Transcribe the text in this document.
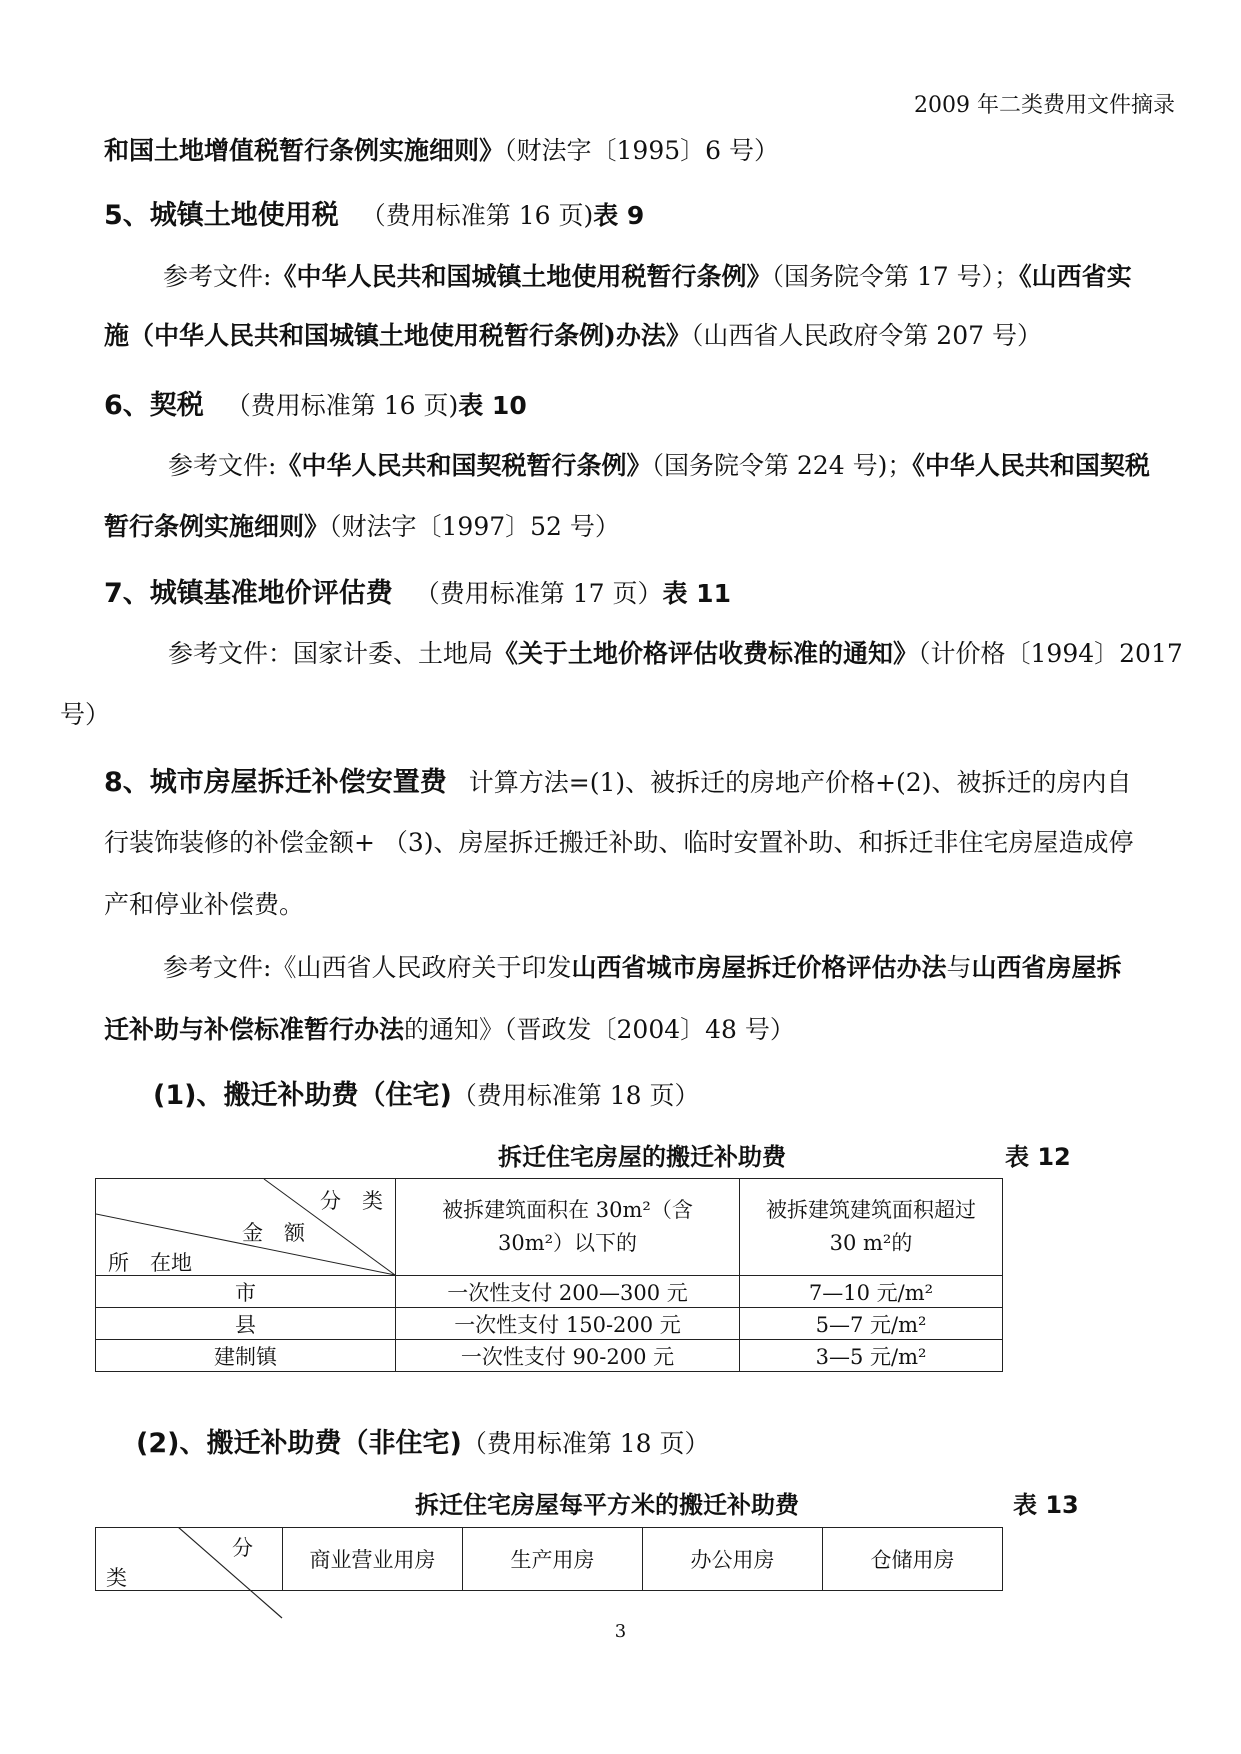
2009 年二类费用文件摘录
和国土地增值税暂行条例实施细则》（财法字〔1995〕6 号）
5、城镇土地使用税 （费用标准第 16 页)表 9
参考文件:《中华人民共和国城镇土地使用税暂行条例》（国务院令第 17 号）；《山西省实
施（中华人民共和国城镇土地使用税暂行条例)办法》（山西省人民政府令第 207 号）
6、契税 （费用标准第 16 页)表 10
参考文件:《中华人民共和国契税暂行条例》（国务院令第 224 号)；《中华人民共和国契税
暂行条例实施细则》（财法字〔1997〕52 号）
7、城镇基准地价评估费 （费用标准第 17 页）表 11
参考文件：国家计委、土地局《关于土地价格评估收费标准的通知》（计价格〔1994〕2017
号）
8、城市房屋拆迁补偿安置费 计算方法=(1)、被拆迁的房地产价格+(2)、被拆迁的房内自
行装饰装修的补偿金额+ （3)、房屋拆迁搬迁补助、临时安置补助、和拆迁非住宅房屋造成停
产和停业补偿费。
参考文件:《山西省人民政府关于印发山西省城市房屋拆迁价格评估办法与山西省房屋拆
迁补助与补偿标准暂行办法的通知》（晋政发〔2004〕48 号）
(1)、搬迁补助费（住宅)（费用标准第 18 页）
拆迁住宅房屋的搬迁补助费	表 12
分　类
金　额
所　在地	被拆建筑面积在 30m²（含 30m²）以下的	被拆建筑建筑面积超过 30 m²的
市	一次性支付 200—300 元	7—10 元/m²
县	一次性支付 150-200 元	5—7 元/m²
建制镇	一次性支付 90-200 元	3—5 元/m²
(2)、搬迁补助费（非住宅)（费用标准第 18 页）
拆迁住宅房屋每平方米的搬迁补助费	表 13
分
类
	商业营业用房	生产用房	办公用房	仓储用房
3
